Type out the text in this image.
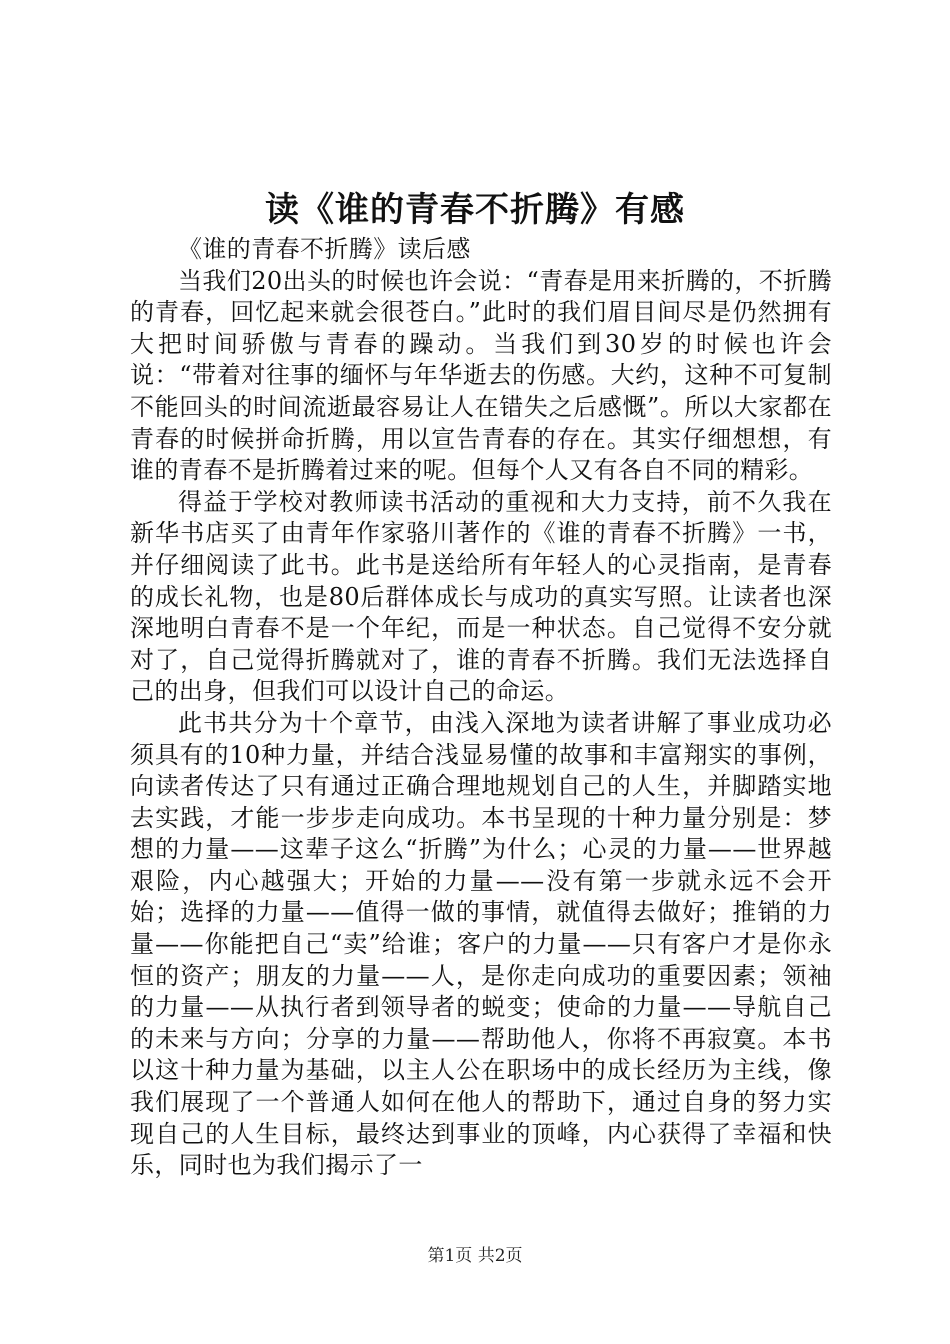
读《谁的青春不折腾》有感

《谁的青春不折腾》读后感

当我们20出头的时候也许会说：“青春是用来折腾的，不折腾的青春，回忆起来就会很苍白。”此时的我们眉目间尽是仍然拥有大把时间骄傲与青春的躁动。当我们到30岁的时候也许会说：“带着对往事的缅怀与年华逝去的伤感。大约，这种不可复制不能回头的时间流逝最容易让人在错失之后感慨”。所以大家都在青春的时候拼命折腾，用以宣告青春的存在。其实仔细想想，有谁的青春不是折腾着过来的呢。但每个人又有各自不同的精彩。

得益于学校对教师读书活动的重视和大力支持，前不久我在新华书店买了由青年作家骆川著作的《谁的青春不折腾》一书，并仔细阅读了此书。此书是送给所有年轻人的心灵指南，是青春的成长礼物，也是80后群体成长与成功的真实写照。让读者也深深地明白青春不是一个年纪，而是一种状态。自己觉得不安分就对了，自己觉得折腾就对了，谁的青春不折腾。我们无法选择自己的出身，但我们可以设计自己的命运。

此书共分为十个章节，由浅入深地为读者讲解了事业成功必须具有的10种力量，并结合浅显易懂的故事和丰富翔实的事例，向读者传达了只有通过正确合理地规划自己的人生，并脚踏实地去实践，才能一步步走向成功。本书呈现的十种力量分别是：梦想的力量——这辈子这么“折腾”为什么；心灵的力量——世界越艰险，内心越强大；开始的力量——没有第一步就永远不会开始；选择的力量——值得一做的事情，就值得去做好；推销的力量——你能把自己“卖”给谁；客户的力量——只有客户才是你永恒的资产；朋友的力量——人，是你走向成功的重要因素；领袖的力量——从执行者到领导者的蜕变；使命的力量——导航自己的未来与方向；分享的力量——帮助他人，你将不再寂寞。本书以这十种力量为基础，以主人公在职场中的成长经历为主线，像我们展现了一个普通人如何在他人的帮助下，通过自身的努力实现自己的人生目标，最终达到事业的顶峰，内心获得了幸福和快乐，同时也为我们揭示了一

第1页 共2页
